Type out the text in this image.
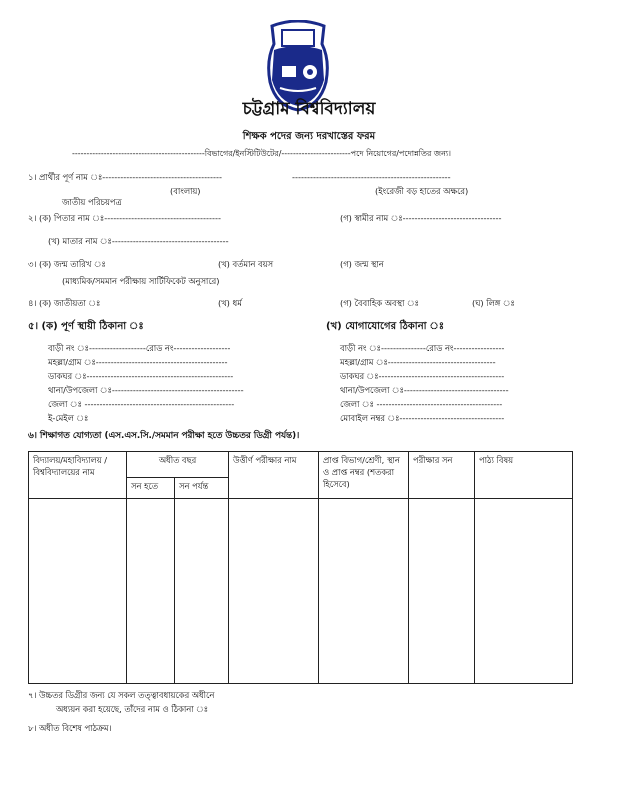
চট্টগ্রাম বিশ্ববিদ্যালয়
শিক্ষক পদের জন্য দরখাস্তের ফরম
----------------------------------------------বিভাগের/ইনস্টিটিউটের/------------------------পদে নিয়োগের/পদোন্নতির জন্য।
১। প্রার্থীর পূর্ণ নাম ঃ----------------------------------------	-----------------------------------------------------
(বাংলায়)	(ইংরেজী বড় হাতের অক্ষরে)
জাতীয় পরিচয়পত্র
২। (ক) পিতার নাম ঃ---------------------------------------	(গ) স্বামীর নাম ঃ---------------------------------
(খ) মাতার নাম ঃ---------------------------------------
৩। (ক) জন্ম তারিখ ঃ	(খ) বর্তমান বয়স	(গ) জন্ম স্থান
(মাধ্যমিক/সমমান পরীক্ষায় সার্টিফিকেট অনুসারে)
৪। (ক) জাতীয়তা ঃ	(খ) ধর্ম	(গ) বৈবাহিক অবস্থা ঃ	(ঘ) লিঙ্গ ঃ
৫। (ক) পূর্ণ স্থায়ী ঠিকানা ঃ	(খ) যোগাযোগের ঠিকানা ঃ
বাড়ী নং ঃ-------------------রোড নং-------------------
মহল্লা/গ্রাম ঃ--------------------------------------------
ডাকঘর ঃ-------------------------------------------------
থানা/উপজেলা ঃ--------------------------------------------
জেলা ঃ --------------------------------------------------
ই-মেইল ঃ
বাড়ী নং ঃ---------------রোড নং-----------------
মহল্লা/গ্রাম ঃ------------------------------------
ডাকঘর ঃ------------------------------------------
থানা/উপজেলা ঃ-----------------------------------
জেলা ঃ ------------------------------------------
মোবাইল নম্বর ঃ-----------------------------------
৬। শিক্ষাগত যোগ্যতা (এস.এস.সি./সমমান পরীক্ষা হতে উচ্চতর ডিগ্রী পর্যন্ত)।
বিদ্যালয়/মহাবিদ্যালয় /বিশ্ববিদ্যালয়ের নাম	অধীত বছর		উত্তীর্ণ পরীক্ষার নাম	প্রাপ্ত বিভাগ/শ্রেণী, স্থান ও প্রাপ্ত নম্বর (শতকরা হিসেবে)	পরীক্ষার সন	পাঠ্য বিষয়
	সন হতে	সন পর্যন্ত				

৭। উচ্চতর ডিগ্রীর জন্য যে সকল তত্ত্বাবধায়কের অধীনে
অধ্যয়ন করা হয়েছে, তাঁদের নাম ও ঠিকানা ঃ
৮। অধীত বিশেষ পাঠক্রম।
